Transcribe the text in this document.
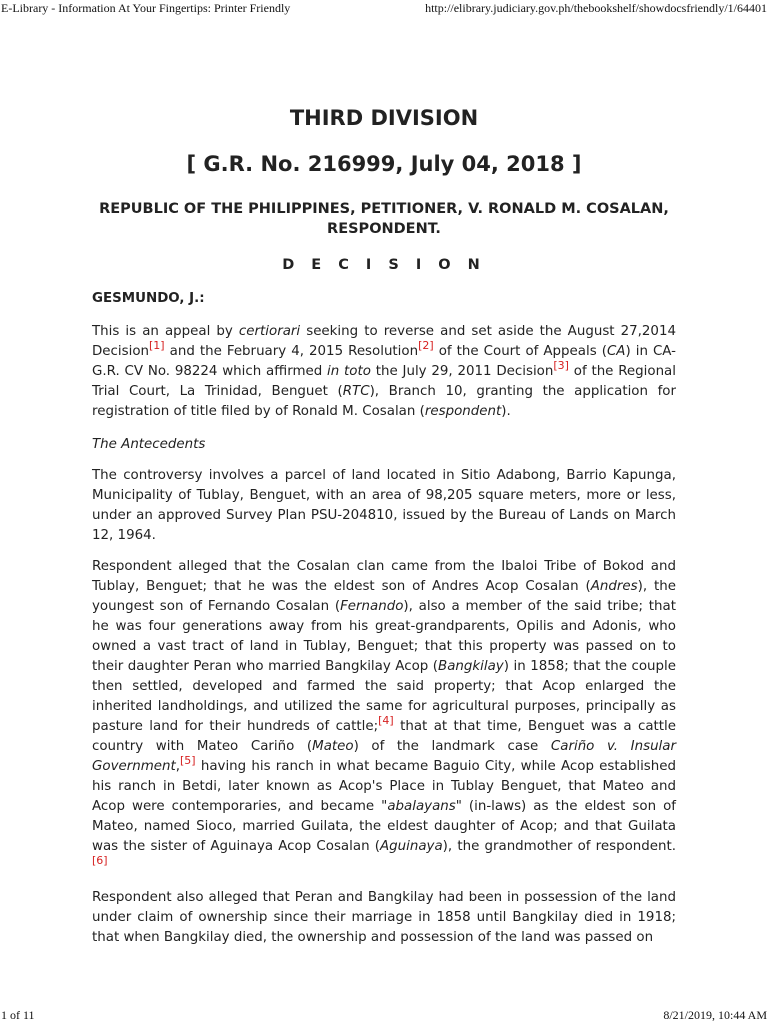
E-Library - Information At Your Fingertips: Printer Friendly	http://elibrary.judiciary.gov.ph/thebookshelf/showdocsfriendly/1/64401
THIRD DIVISION
[ G.R. No. 216999, July 04, 2018 ]
REPUBLIC OF THE PHILIPPINES, PETITIONER, V. RONALD M. COSALAN, RESPONDENT.
D E C I S I O N

GESMUNDO, J.:

This is an appeal by certiorari seeking to reverse and set aside the August 27,2014 Decision[1] and the February 4, 2015 Resolution[2] of the Court of Appeals (CA) in CA-G.R. CV No. 98224 which affirmed in toto the July 29, 2011 Decision[3] of the Regional Trial Court, La Trinidad, Benguet (RTC), Branch 10, granting the application for registration of title filed by of Ronald M. Cosalan (respondent).

The Antecedents

The controversy involves a parcel of land located in Sitio Adabong, Barrio Kapunga, Municipality of Tublay, Benguet, with an area of 98,205 square meters, more or less, under an approved Survey Plan PSU-204810, issued by the Bureau of Lands on March 12, 1964.

Respondent alleged that the Cosalan clan came from the Ibaloi Tribe of Bokod and Tublay, Benguet; that he was the eldest son of Andres Acop Cosalan (Andres), the youngest son of Fernando Cosalan (Fernando), also a member of the said tribe; that he was four generations away from his great-grandparents, Opilis and Adonis, who owned a vast tract of land in Tublay, Benguet; that this property was passed on to their daughter Peran who married Bangkilay Acop (Bangkilay) in 1858; that the couple then settled, developed and farmed the said property; that Acop enlarged the inherited landholdings, and utilized the same for agricultural purposes, principally as pasture land for their hundreds of cattle;[4] that at that time, Benguet was a cattle country with Mateo Cariño (Mateo) of the landmark case Cariño v. Insular Government,[5] having his ranch in what became Baguio City, while Acop established his ranch in Betdi, later known as Acop's Place in Tublay Benguet, that Mateo and Acop were contemporaries, and became "abalayans" (in-laws) as the eldest son of Mateo, named Sioco, married Guilata, the eldest daughter of Acop; and that Guilata was the sister of Aguinaya Acop Cosalan (Aguinaya), the grandmother of respondent.[6]

Respondent also alleged that Peran and Bangkilay had been in possession of the land under claim of ownership since their marriage in 1858 until Bangkilay died in 1918; that when Bangkilay died, the ownership and possession of the land was passed on

1 of 11	8/21/2019, 10:44 AM
